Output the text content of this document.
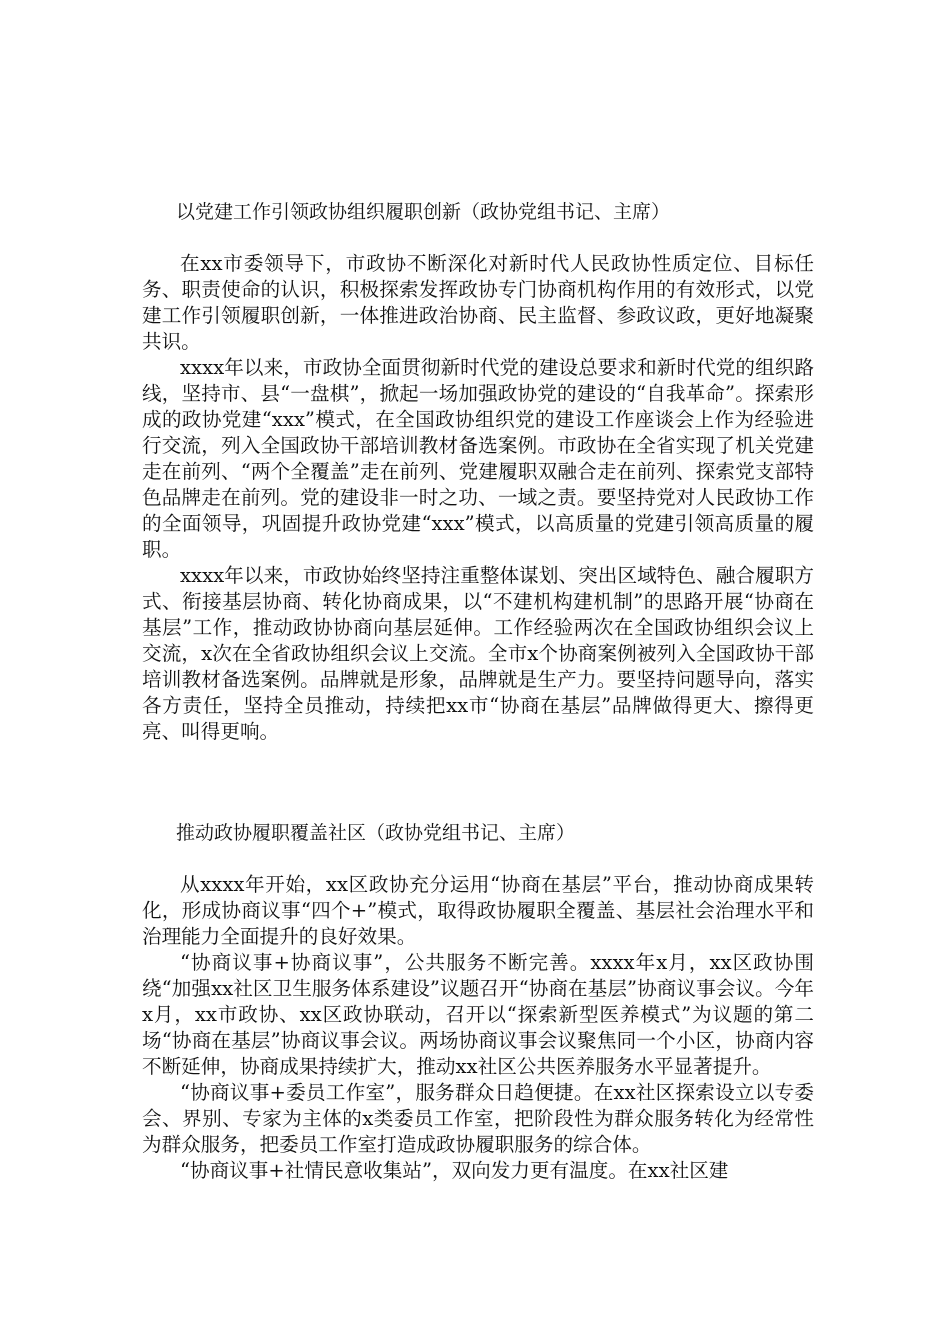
以党建工作引领政协组织履职创新（政协党组书记、主席）

在xx市委领导下，市政协不断深化对新时代人民政协性质定位、目标任务、职责使命的认识，积极探索发挥政协专门协商机构作用的有效形式，以党建工作引领履职创新，一体推进政治协商、民主监督、参政议政，更好地凝聚共识。

xxxx年以来，市政协全面贯彻新时代党的建设总要求和新时代党的组织路线，坚持市、县“一盘棋”，掀起一场加强政协党的建设的“自我革命”。探索形成的政协党建“xxx”模式，在全国政协组织党的建设工作座谈会上作为经验进行交流，列入全国政协干部培训教材备选案例。市政协在全省实现了机关党建走在前列、“两个全覆盖”走在前列、党建履职双融合走在前列、探索党支部特色品牌走在前列。党的建设非一时之功、一域之责。要坚持党对人民政协工作的全面领导，巩固提升政协党建“xxx”模式，以高质量的党建引领高质量的履职。

xxxx年以来，市政协始终坚持注重整体谋划、突出区域特色、融合履职方式、衔接基层协商、转化协商成果，以“不建机构建机制”的思路开展“协商在基层”工作，推动政协协商向基层延伸。工作经验两次在全国政协组织会议上交流，x次在全省政协组织会议上交流。全市x个协商案例被列入全国政协干部培训教材备选案例。品牌就是形象，品牌就是生产力。要坚持问题导向，落实各方责任，坚持全员推动，持续把xx市“协商在基层”品牌做得更大、擦得更亮、叫得更响。

推动政协履职覆盖社区（政协党组书记、主席）

从xxxx年开始，xx区政协充分运用“协商在基层”平台，推动协商成果转化，形成协商议事“四个+”模式，取得政协履职全覆盖、基层社会治理水平和治理能力全面提升的良好效果。

“协商议事+协商议事”，公共服务不断完善。xxxx年x月，xx区政协围绕“加强xx社区卫生服务体系建设”议题召开“协商在基层”协商议事会议。今年x月，xx市政协、xx区政协联动，召开以“探索新型医养模式”为议题的第二场“协商在基层”协商议事会议。两场协商议事会议聚焦同一个小区，协商内容不断延伸，协商成果持续扩大，推动xx社区公共医养服务水平显著提升。

“协商议事+委员工作室”，服务群众日趋便捷。在xx社区探索设立以专委会、界别、专家为主体的x类委员工作室，把阶段性为群众服务转化为经常性为群众服务，把委员工作室打造成政协履职服务的综合体。

“协商议事+社情民意收集站”，双向发力更有温度。在xx社区建
